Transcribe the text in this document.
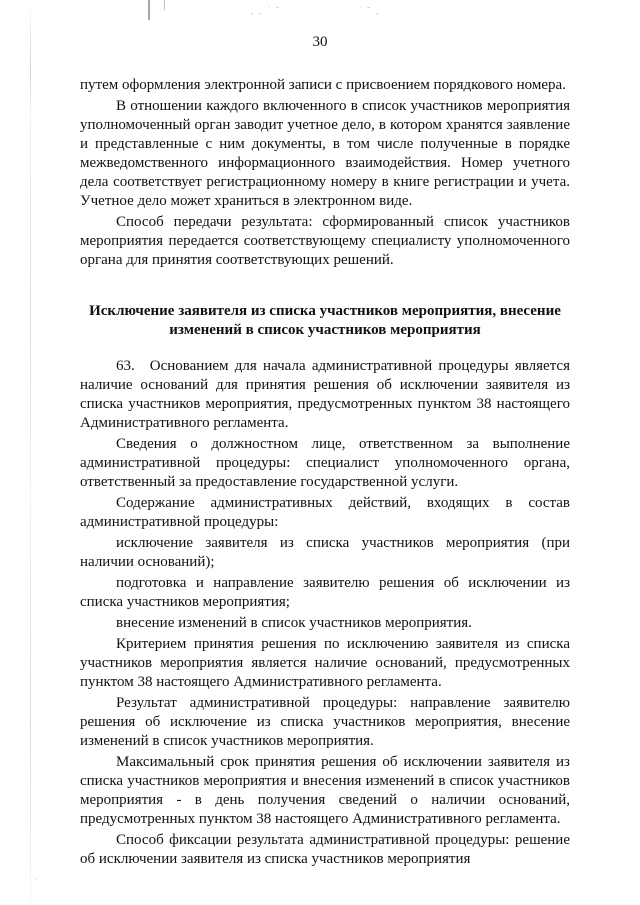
˛ ˛ ˙ ˘	˙ ˘ ˛
˙
˙
30

путем оформления электронной записи с присвоением порядкового номера.

В отношении каждого включенного в список участников мероприятия уполномоченный орган заводит учетное дело, в котором хранятся заявление и представленные с ним документы, в том числе полученные в порядке межведомственного информационного взаимодействия. Номер учетного дела соответствует регистрационному номеру в книге регистрации и учета. Учетное дело может храниться в электронном виде.

Способ передачи результата: сформированный список участников мероприятия передается соответствующему специалисту уполномоченного органа для принятия соответствующих решений.

Исключение заявителя из списка участников мероприятия, внесение изменений в список участников мероприятия

63. Основанием для начала административной процедуры является наличие оснований для принятия решения об исключении заявителя из списка участников мероприятия, предусмотренных пунктом 38 настоящего Административного регламента.

Сведения о должностном лице, ответственном за выполнение административной процедуры: специалист уполномоченного органа, ответственный за предоставление государственной услуги.

Содержание административных действий, входящих в состав административной процедуры:

исключение заявителя из списка участников мероприятия (при наличии оснований);

подготовка и направление заявителю решения об исключении из списка участников мероприятия;

внесение изменений в список участников мероприятия.

Критерием принятия решения по исключению заявителя из списка участников мероприятия является наличие оснований, предусмотренных пунктом 38 настоящего Административного регламента.

Результат административной процедуры: направление заявителю решения об исключение из списка участников мероприятия, внесение изменений в список участников мероприятия.

Максимальный срок принятия решения об исключении заявителя из списка участников мероприятия и внесения изменений в список участников мероприятия - в день получения сведений о наличии оснований, предусмотренных пунктом 38 настоящего Административного регламента.

Способ фиксации результата административной процедуры: решение об исключении заявителя из списка участников мероприятия
